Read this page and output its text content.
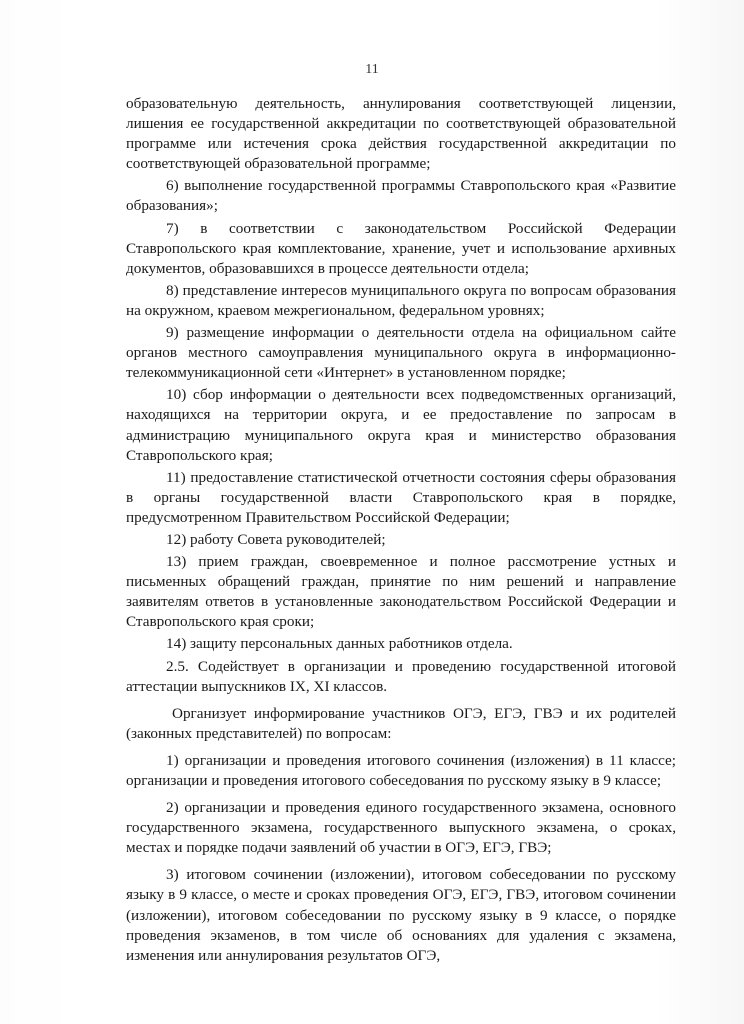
11

образовательную деятельность, аннулирования соответствующей лицензии, лишения ее государственной аккредитации по соответствующей образовательной программе или истечения срока действия государственной аккредитации по соответствующей образовательной программе;

6) выполнение государственной программы Ставропольского края «Развитие образования»;

7) в соответствии с законодательством Российской Федерации Ставропольского края комплектование, хранение, учет и использование архивных документов, образовавшихся в процессе деятельности отдела;

8) представление интересов муниципального округа по вопросам образования на окружном, краевом межрегиональном, федеральном уровнях;

9) размещение информации о деятельности отдела на официальном сайте органов местного самоуправления муниципального округа в информационно-телекоммуникационной сети «Интернет» в установленном порядке;

10) сбор информации о деятельности всех подведомственных организаций, находящихся на территории округа, и ее предоставление по запросам в администрацию муниципального округа края и министерство образования Ставропольского края;

11) предоставление статистической отчетности состояния сферы образования в органы государственной власти Ставропольского края в порядке, предусмотренном Правительством Российской Федерации;

12) работу Совета руководителей;

13) прием граждан, своевременное и полное рассмотрение устных и письменных обращений граждан, принятие по ним решений и направление заявителям ответов в установленные законодательством Российской Федерации и Ставропольского края сроки;

14) защиту персональных данных работников отдела.

2.5. Содействует в организации и проведению государственной итоговой аттестации выпускников IX, XI классов.

Организует информирование участников ОГЭ, ЕГЭ, ГВЭ и их родителей (законных представителей) по вопросам:

1) организации и проведения итогового сочинения (изложения) в 11 классе; организации и проведения итогового собеседования по русскому языку в 9 классе;

2) организации и проведения единого государственного экзамена, основного государственного экзамена, государственного выпускного экзамена, о сроках, местах и порядке подачи заявлений об участии в ОГЭ, ЕГЭ, ГВЭ;

3) итоговом сочинении (изложении), итоговом собеседовании по русскому языку в 9 классе, о месте и сроках проведения ОГЭ, ЕГЭ, ГВЭ, итоговом сочинении (изложении), итоговом собеседовании по русскому языку в 9 классе, о порядке проведения экзаменов, в том числе об основаниях для удаления с экзамена, изменения или аннулирования результатов ОГЭ,
